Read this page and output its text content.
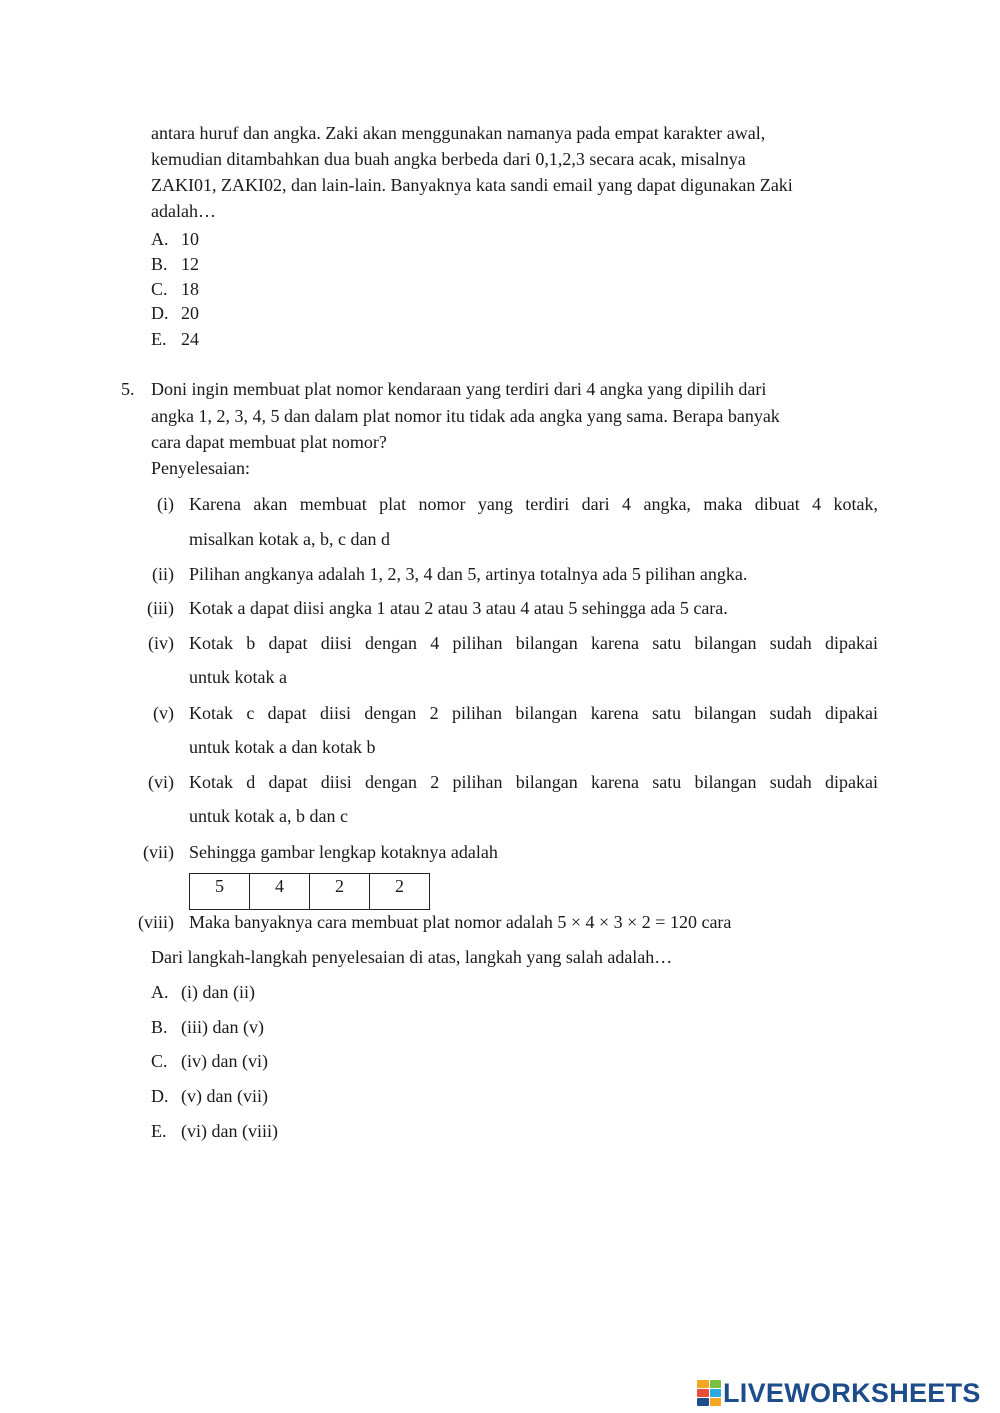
antara huruf dan angka. Zaki akan menggunakan namanya pada empat karakter awal,
kemudian ditambahkan dua buah angka berbeda dari 0,1,2,3 secara acak, misalnya
ZAKI01, ZAKI02, dan lain-lain. Banyaknya kata sandi email yang dapat digunakan Zaki
adalah…
A. 10
B. 12
C. 18
D. 20
E. 24
5. Doni ingin membuat plat nomor kendaraan yang terdiri dari 4 angka yang dipilih dari
angka 1, 2, 3, 4, 5 dan dalam plat nomor itu tidak ada angka yang sama. Berapa banyak
cara dapat membuat plat nomor?
Penyelesaian:
(i) Karena akan membuat plat nomor yang terdiri dari 4 angka, maka dibuat 4 kotak,
misalkan kotak a, b, c dan d
(ii) Pilihan angkanya adalah 1, 2, 3, 4 dan 5, artinya totalnya ada 5 pilihan angka.
(iii) Kotak a dapat diisi angka 1 atau 2 atau 3 atau 4 atau 5 sehingga ada 5 cara.
(iv) Kotak b dapat diisi dengan 4 pilihan bilangan karena satu bilangan sudah dipakai
untuk kotak a
(v) Kotak c dapat diisi dengan 2 pilihan bilangan karena satu bilangan sudah dipakai
untuk kotak a dan kotak b
(vi) Kotak d dapat diisi dengan 2 pilihan bilangan karena satu bilangan sudah dipakai
untuk kotak a, b dan c
(vii) Sehingga gambar lengkap kotaknya adalah
5	4	2	2
(viii) Maka banyaknya cara membuat plat nomor adalah 5 × 4 × 3 × 2 = 120 cara
Dari langkah-langkah penyelesaian di atas, langkah yang salah adalah…
A. (i) dan (ii)
B. (iii) dan (v)
C. (iv) dan (vi)
D. (v) dan (vii)
E. (vi) dan (viii)
LIVEWORKSHEETS
